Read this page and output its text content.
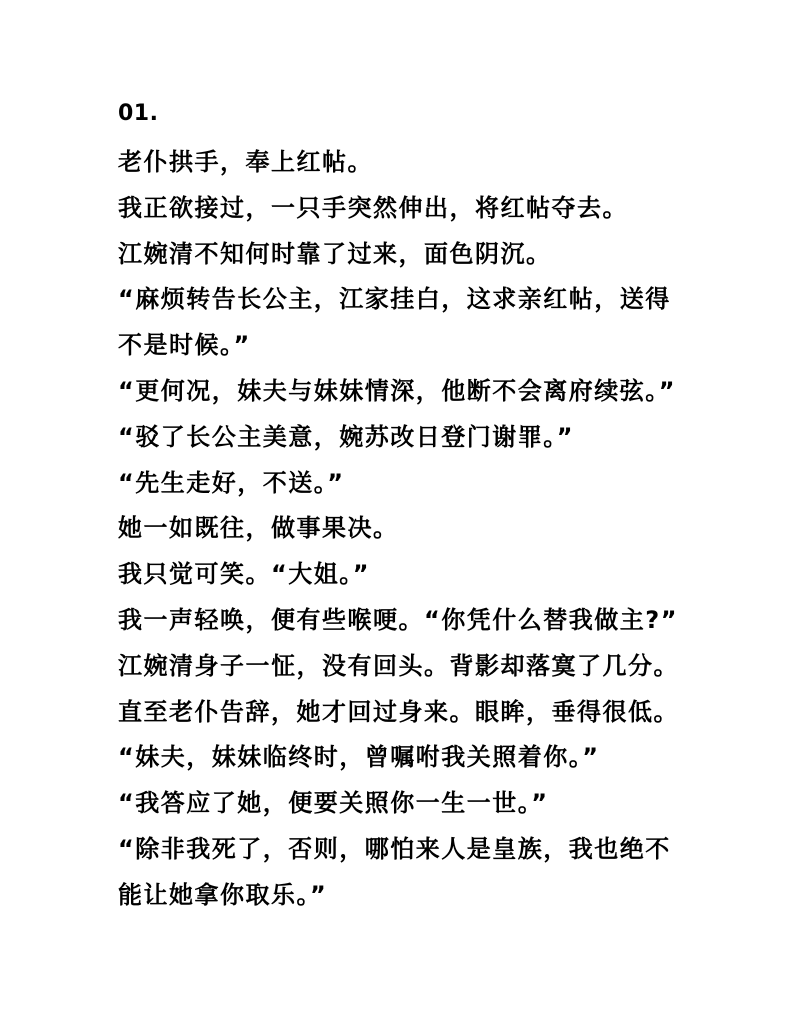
01.
老仆拱手，奉上红帖。
我正欲接过，一只手突然伸出，将红帖夺去。
江婉清不知何时靠了过来，面色阴沉。
“麻烦转告长公主，江家挂白，这求亲红帖，送得
不是时候。”
“更何况，妹夫与妹妹情深，他断不会离府续弦。”
“驳了长公主美意，婉苏改日登门谢罪。”
“先生走好，不送。”
她一如既往，做事果决。
我只觉可笑。“大姐。”
我一声轻唤，便有些喉哽。“你凭什么替我做主?”
江婉清身子一怔，没有回头。背影却落寞了几分。
直至老仆告辞，她才回过身来。眼眸，垂得很低。
“妹夫，妹妹临终时，曾嘱咐我关照着你。”
“我答应了她，便要关照你一生一世。”
“除非我死了，否则，哪怕来人是皇族，我也绝不
能让她拿你取乐。”
